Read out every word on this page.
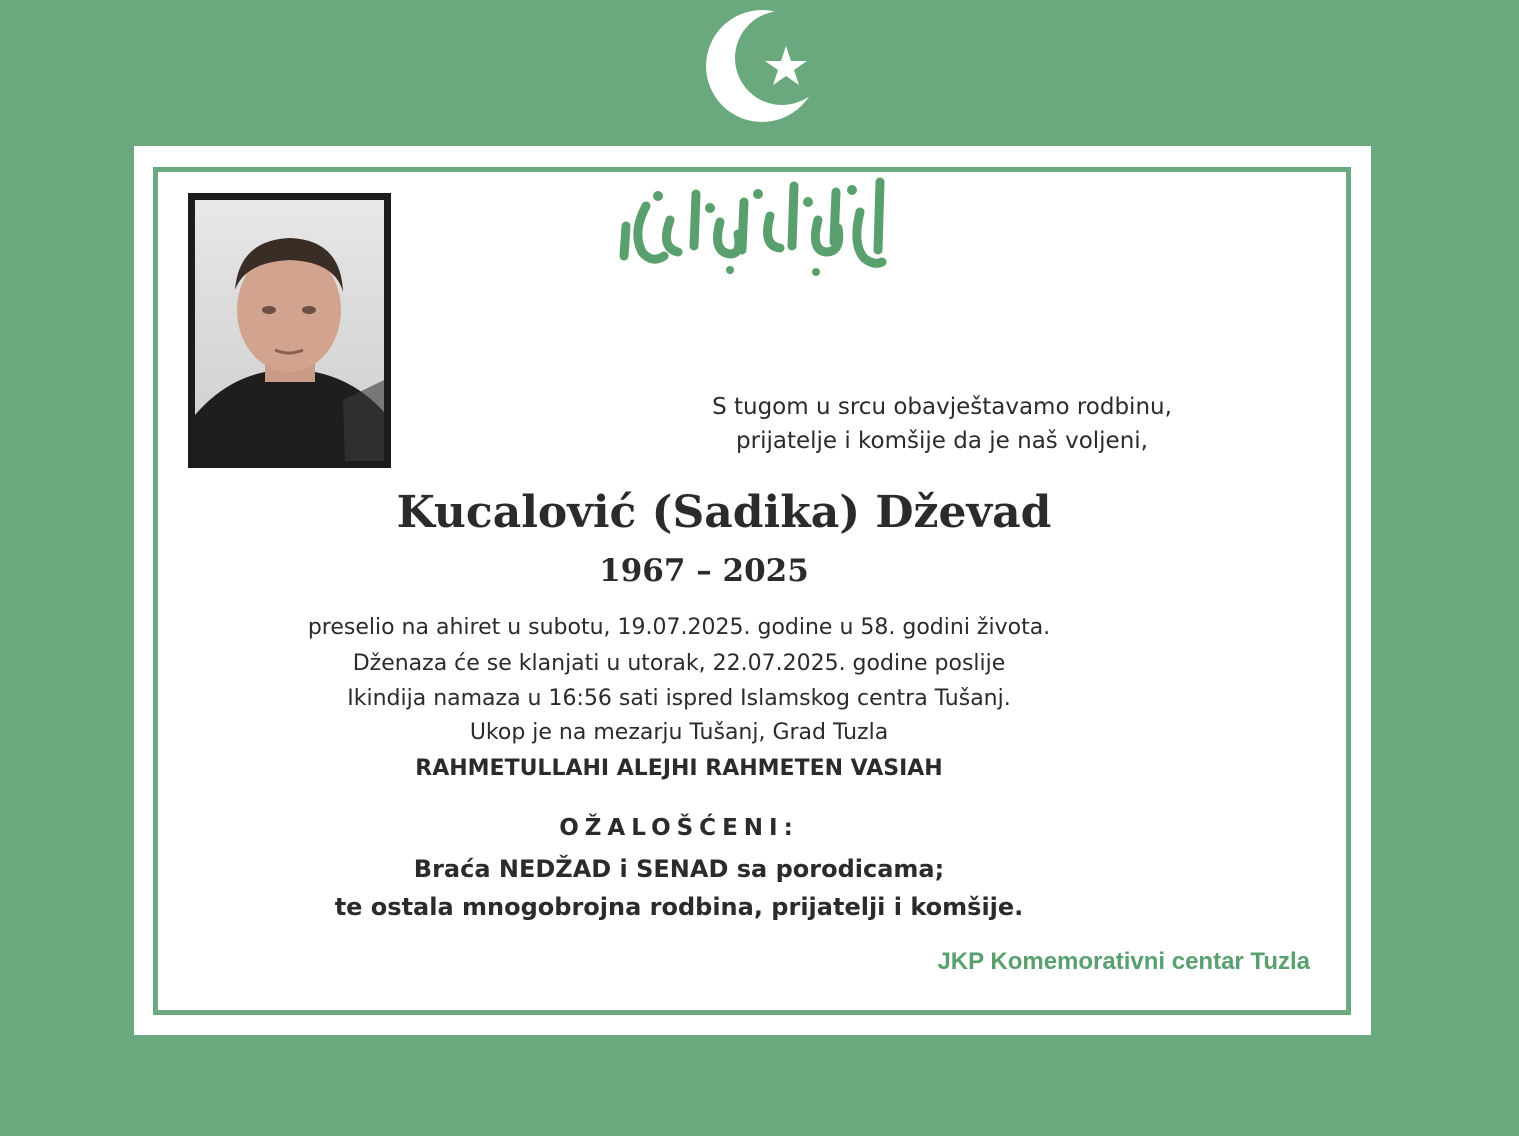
S tugom u srcu obavještavamo rodbinu,
prijatelje i komšije da je naš voljeni,
Kucalović (Sadika) Dževad
1967 – 2025
preselio na ahiret u subotu, 19.07.2025. godine u 58. godini života.
Dženaza će se klanjati u utorak, 22.07.2025. godine poslije
Ikindija namaza u 16:56 sati ispred Islamskog centra Tušanj.
Ukop je na mezarju Tušanj, Grad Tuzla
RAHMETULLAHI ALEJHI RAHMETEN VASIAH
OŽALOŠĆENI:
Braća NEDŽAD i SENAD sa porodicama;
te ostala mnogobrojna rodbina, prijatelji i komšije.
JKP Komemorativni centar Tuzla
